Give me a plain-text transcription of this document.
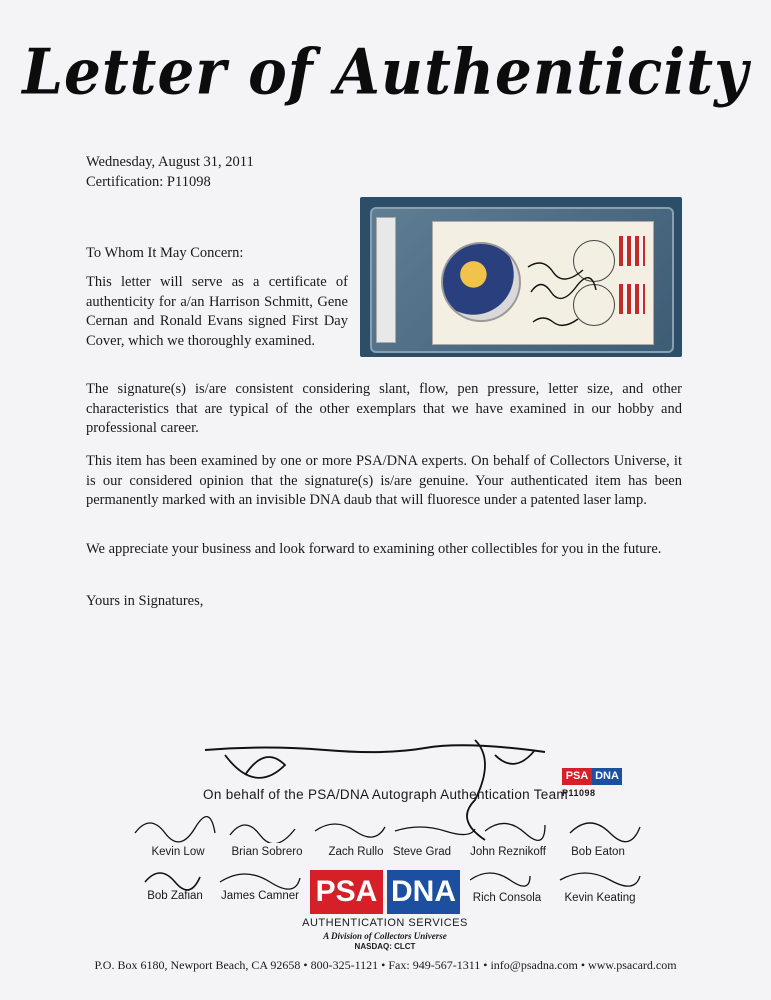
Letter of Authenticity
Wednesday, August 31, 2011
Certification: P11098
To Whom It May Concern:
This letter will serve as a certificate of authenticity for a/an Harrison Schmitt, Gene Cernan and Ronald Evans signed First Day Cover, which we thoroughly examined.
The signature(s) is/are consistent considering slant, flow, pen pressure, letter size, and other characteristics that are typical of the other exemplars that we have examined in our hobby and professional career.
This item has been examined by one or more PSA/DNA experts. On behalf of Collectors Universe, it is our considered opinion that the signature(s) is/are genuine. Your authenticated item has been permanently marked with an invisible DNA daub that will fluoresce under a patented laser lamp.
We appreciate your business and look forward to examining other collectibles for you in the future.
Yours in Signatures,
PSA DNA
P11098
On behalf of the PSA/DNA Autograph Authentication Team
Kevin Low	Brian Sobrero	Zach Rullo Steve Grad	John Reznikoff	Bob Eaton
Bob Zafian	James Camner	Rich Consola	Kevin Keating
PSA DNA
AUTHENTICATION SERVICES
A Division of Collectors Universe
NASDAQ: CLCT
P.O. Box 6180, Newport Beach, CA 92658 • 800-325-1121 • Fax: 949-567-1311 • info@psadna.com • www.psacard.com
